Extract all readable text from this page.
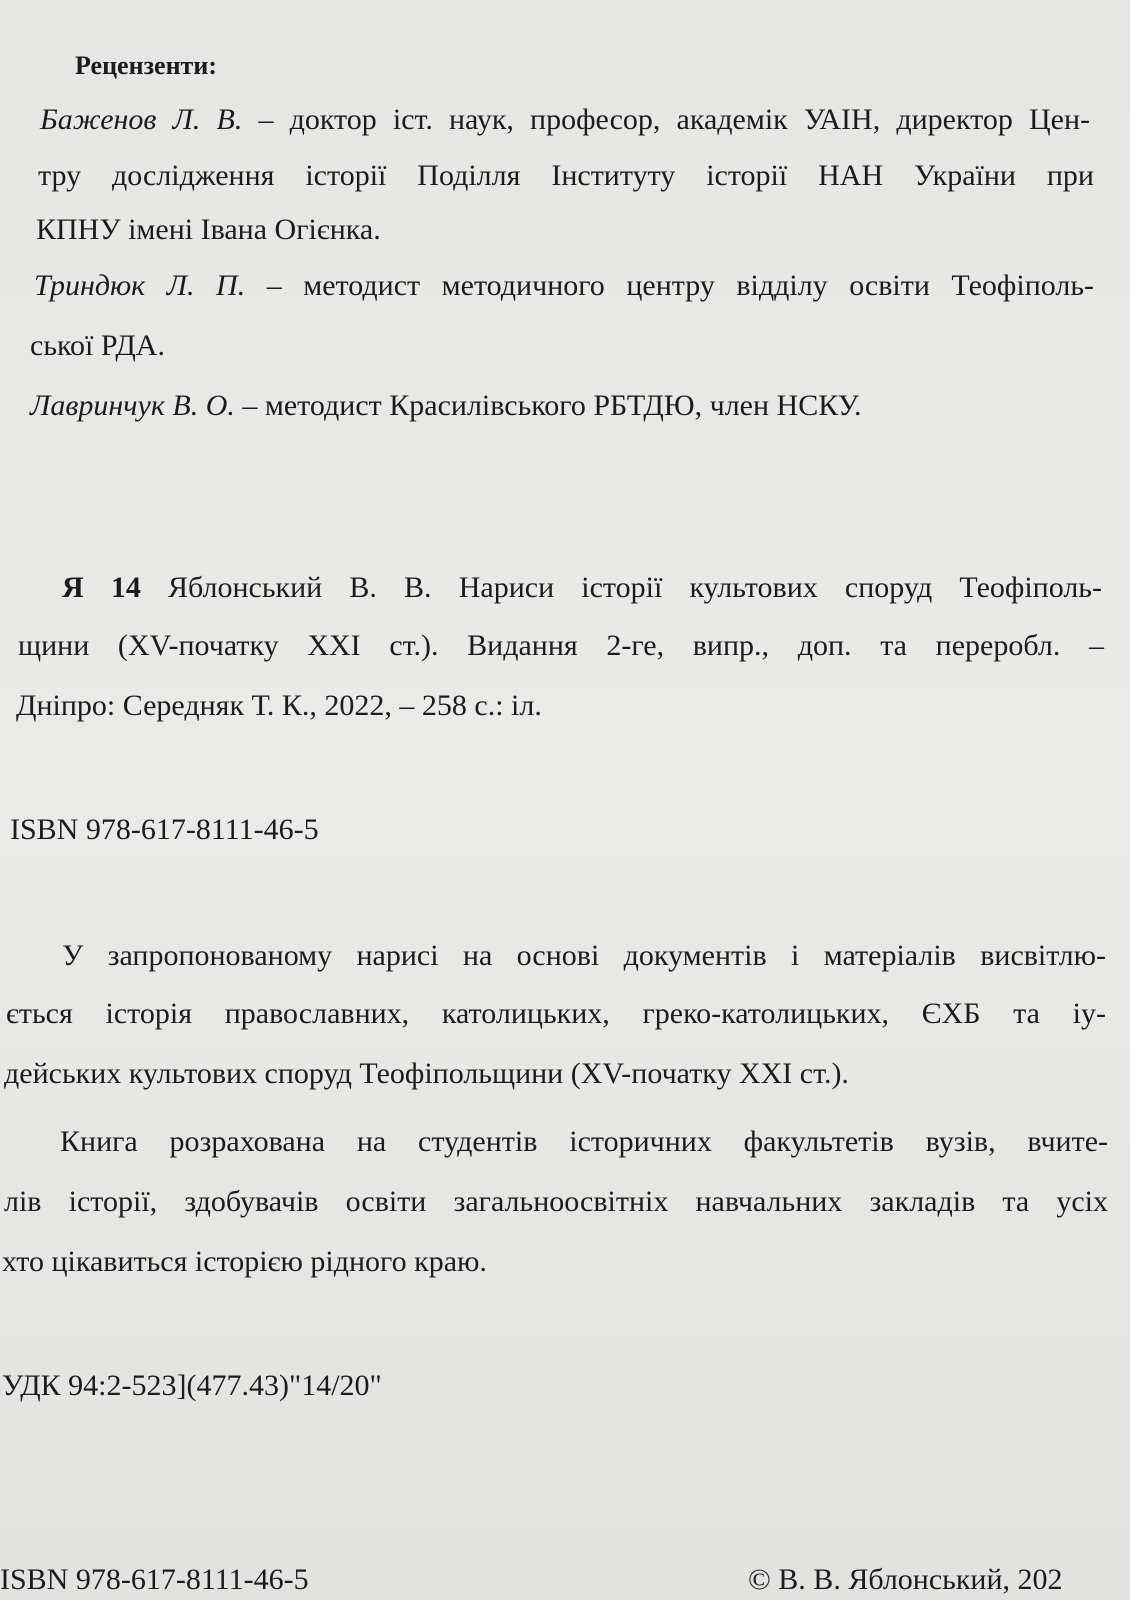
Рецензенти:
Баженов Л. В. – доктор іст. наук, професор, академік УАІН, директор Цен-
тру дослідження історії Поділля Інституту історії НАН України при
КПНУ імені Івана Огієнка.
Триндюк Л. П. – методист методичного центру відділу освіти Теофіполь-
ської РДА.
Лавринчук В. О. – методист Красилівського РБТДЮ, член НСКУ.
Я 14 Яблонський В. В. Нариси історії культових споруд Теофіполь-
щини (XV-початку XXI ст.). Видання 2-ге, випр., доп. та переробл. –
Дніпро: Середняк Т. К., 2022, – 258 с.: іл.
ISBN 978-617-8111-46-5
У запропонованому нарисі на основі документів і матеріалів висвітлю-
ється історія православних, католицьких, греко-католицьких, ЄХБ та іу-
дейських культових споруд Теофіпольщини (XV-початку XXI ст.).
Книга розрахована на студентів історичних факультетів вузів, вчите-
лів історії, здобувачів освіти загальноосвітніх навчальних закладів та усіх
хто цікавиться історією рідного краю.
УДК 94:2-523](477.43)"14/20"
ISBN 978-617-8111-46-5	© В. В. Яблонський, 202
